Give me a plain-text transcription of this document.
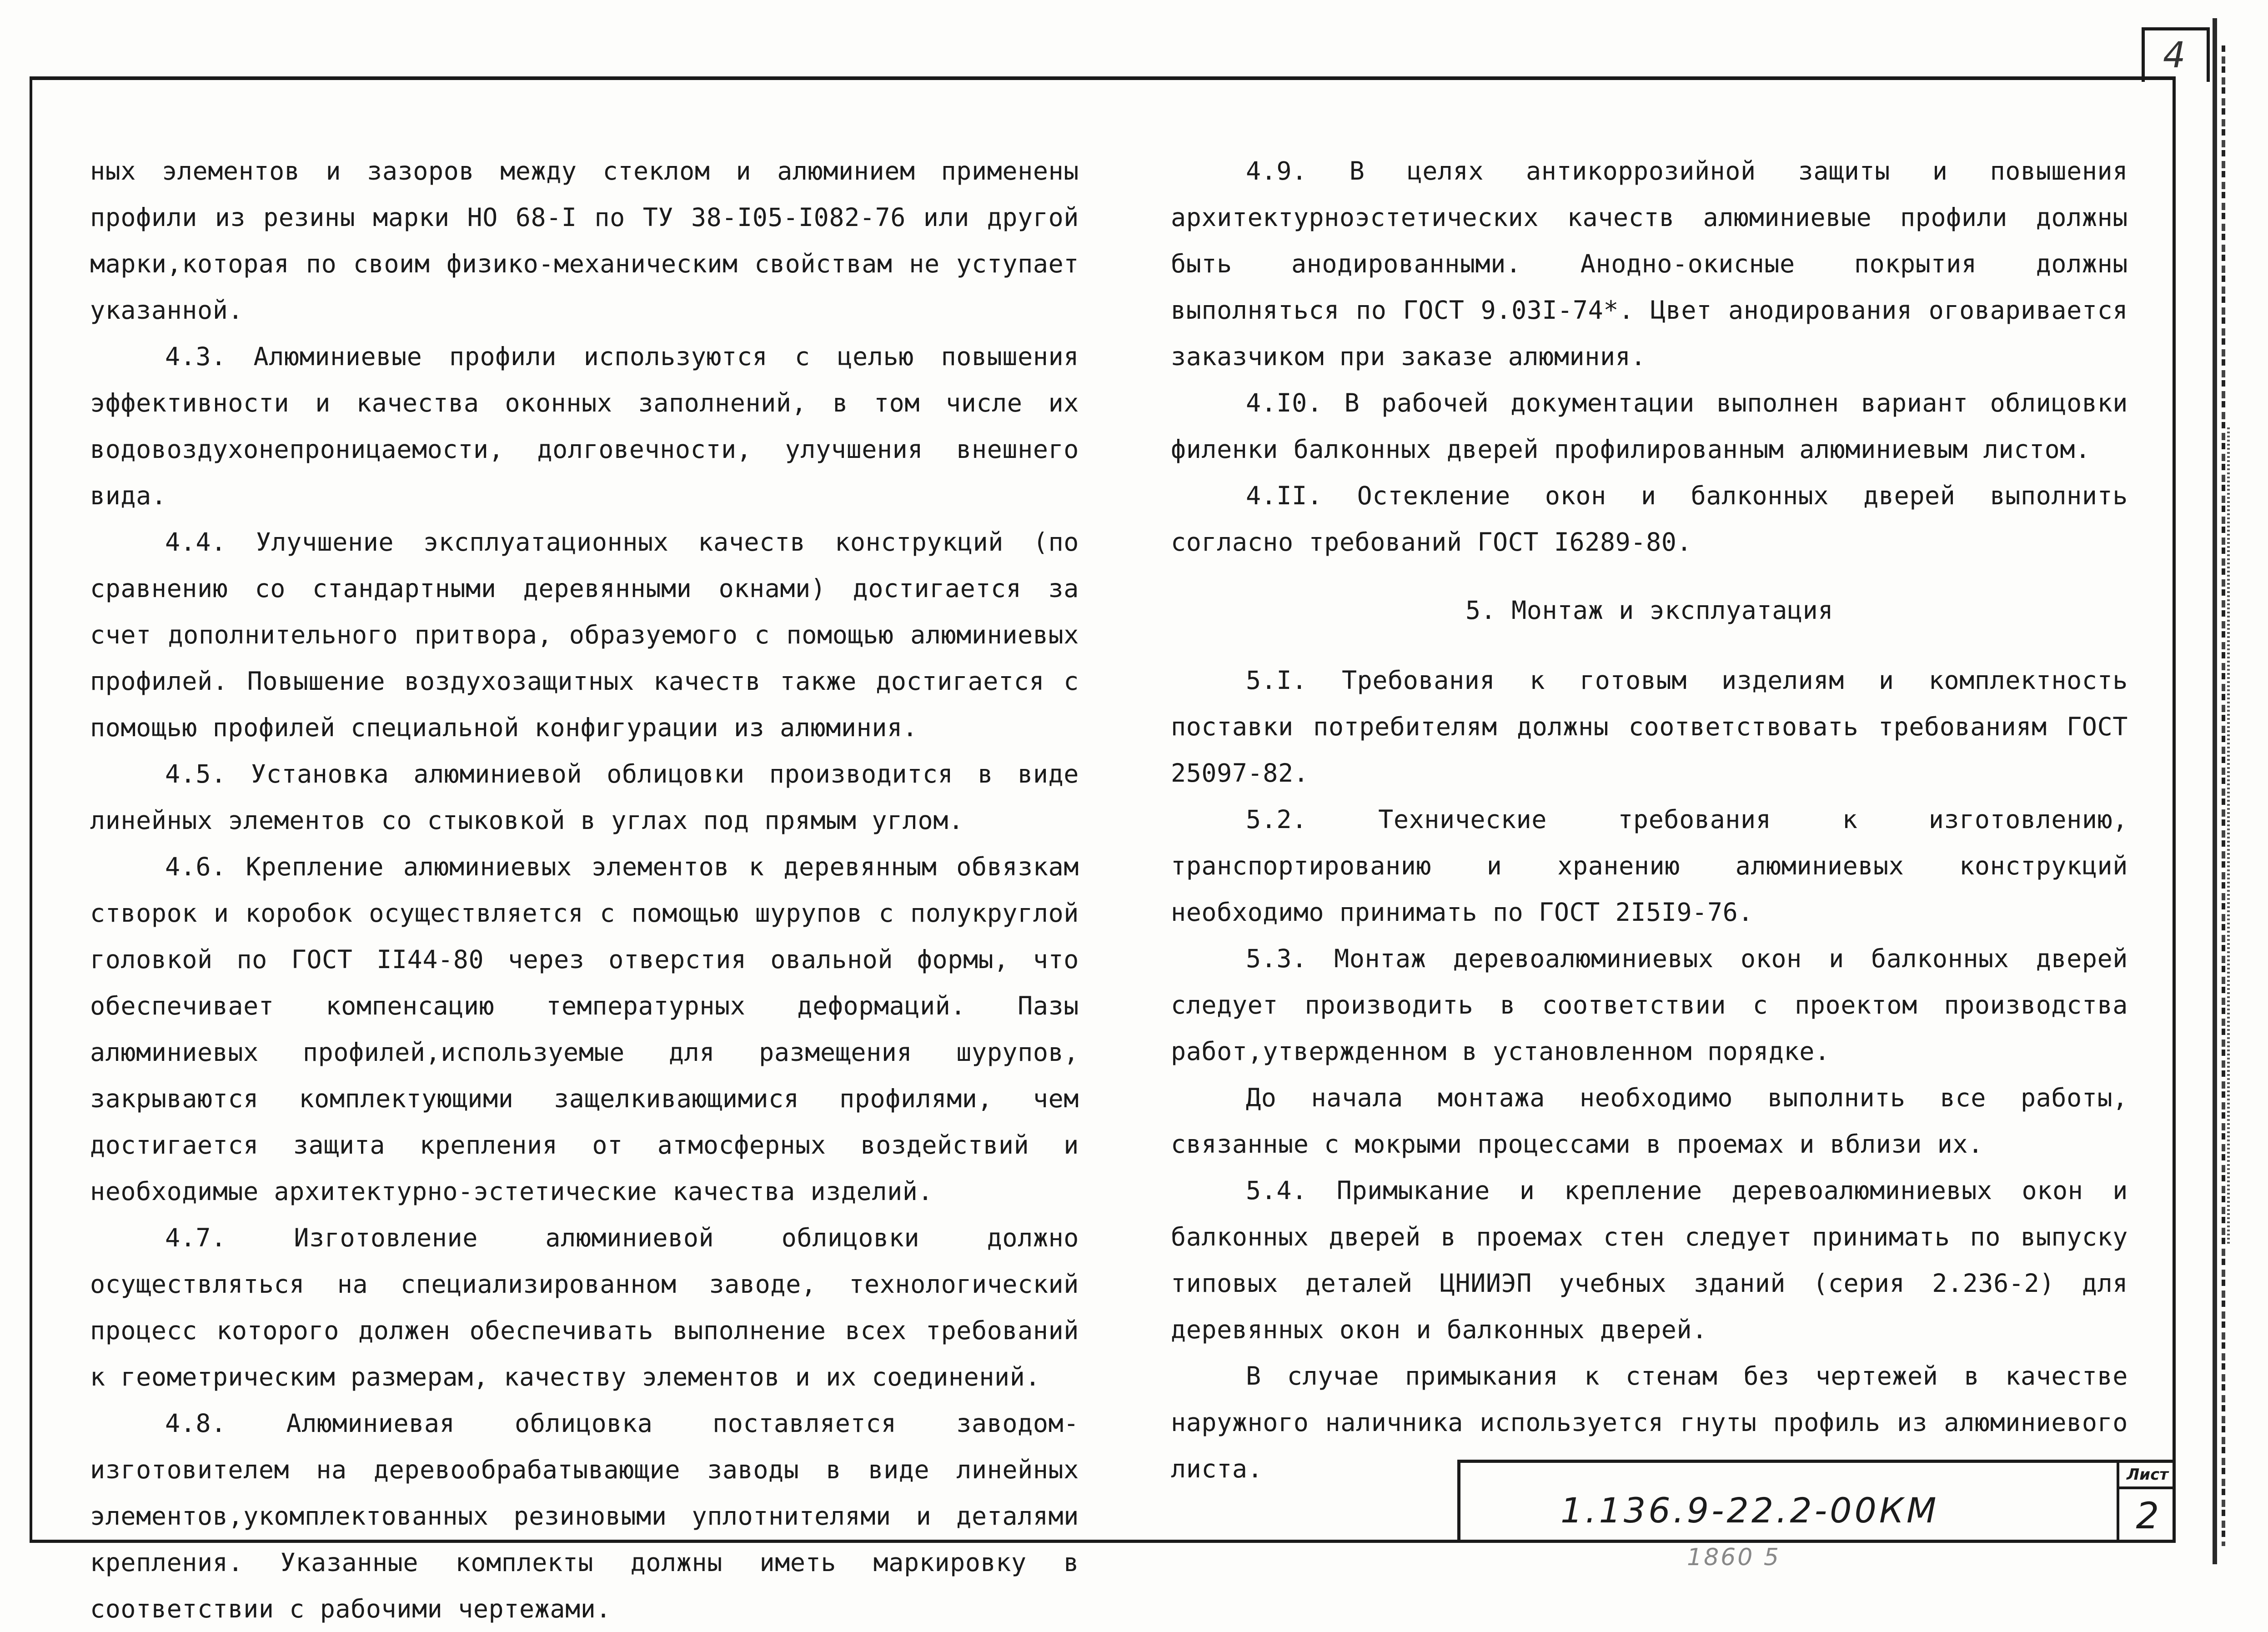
4

ных элементов и зазоров между стеклом и алюминием применены профили из резины марки НО 68-I по ТУ 38-I05-I082-76 или другой марки,которая по своим физико-механическим свойствам не уступает указанной.

4.3. Алюминиевые профили используются с целью повышения эффективности и качества оконных заполнений, в том числе их водовоздухонепроницаемости, долговечности, улучшения внешнего вида.

4.4. Улучшение эксплуатационных качеств конструкций (по сравнению со стандартными деревянными окнами) достигается за счет дополнительного притвора, образуемого с помощью алюминиевых профилей. Повышение воздухозащитных качеств также достигается с помощью профилей специальной конфигурации из алюминия.

4.5. Установка алюминиевой облицовки производится в виде линейных элементов со стыковкой в углах под прямым углом.

4.6. Крепление алюминиевых элементов к деревянным обвязкам створок и коробок осуществляется с помощью шурупов с полукруглой головкой по ГОСТ II44-80 через отверстия овальной формы, что обеспечивает компенсацию температурных деформаций. Пазы алюминиевых профилей,используемые для размещения шурупов, закрываются комплектующими защелкивающимися профилями, чем достигается защита крепления от атмосферных воздействий и необходимые архитектурно-эстетические качества изделий.

4.7. Изготовление алюминиевой облицовки должно осуществляться на специализированном заводе, технологический процесс которого должен обеспечивать выполнение всех требований к геометрическим размерам, качеству элементов и их соединений.

4.8. Алюминиевая облицовка поставляется заводом-изготовителем на деревообрабатывающие заводы в виде линейных элементов,укомплектованных резиновыми уплотнителями и деталями крепления. Указанные комплекты должны иметь маркировку в соответствии с рабочими чертежами.

4.9. В целях антикоррозийной защиты и повышения архитектурноэстетических качеств алюминиевые профили должны быть анодированными. Анодно-окисные покрытия должны выполняться по ГОСТ 9.03I-74*. Цвет анодирования оговаривается заказчиком при заказе алюминия.

4.I0. В рабочей документации выполнен вариант облицовки филенки балконных дверей профилированным алюминиевым листом.

4.II. Остекление окон и балконных дверей выполнить согласно требований ГОСТ I6289-80.

5. Монтаж и эксплуатация

5.I. Требования к готовым изделиям и комплектность поставки потребителям должны соответствовать требованиям ГОСТ 25097-82.

5.2. Технические требования к изготовлению, транспортированию и хранению алюминиевых конструкций необходимо принимать по ГОСТ 2I5I9-76.

5.3. Монтаж деревоалюминиевых окон и балконных дверей следует производить в соответствии с проектом производства работ,утвержденном в установленном порядке.

До начала монтажа необходимо выполнить все работы, связанные с мокрыми процессами в проемах и вблизи их.

5.4. Примыкание и крепление деревоалюминиевых окон и балконных дверей в проемах стен следует принимать по выпуску типовых деталей ЦНИИЭП учебных зданий (серия 2.236-2) для деревянных окон и балконных дверей.

В случае примыкания к стенам без чертежей в качестве наружного наличника используется гнуты профиль из алюминиевого листа.

1.136.9-22.2-00КМ
Лист
2
1860 5
